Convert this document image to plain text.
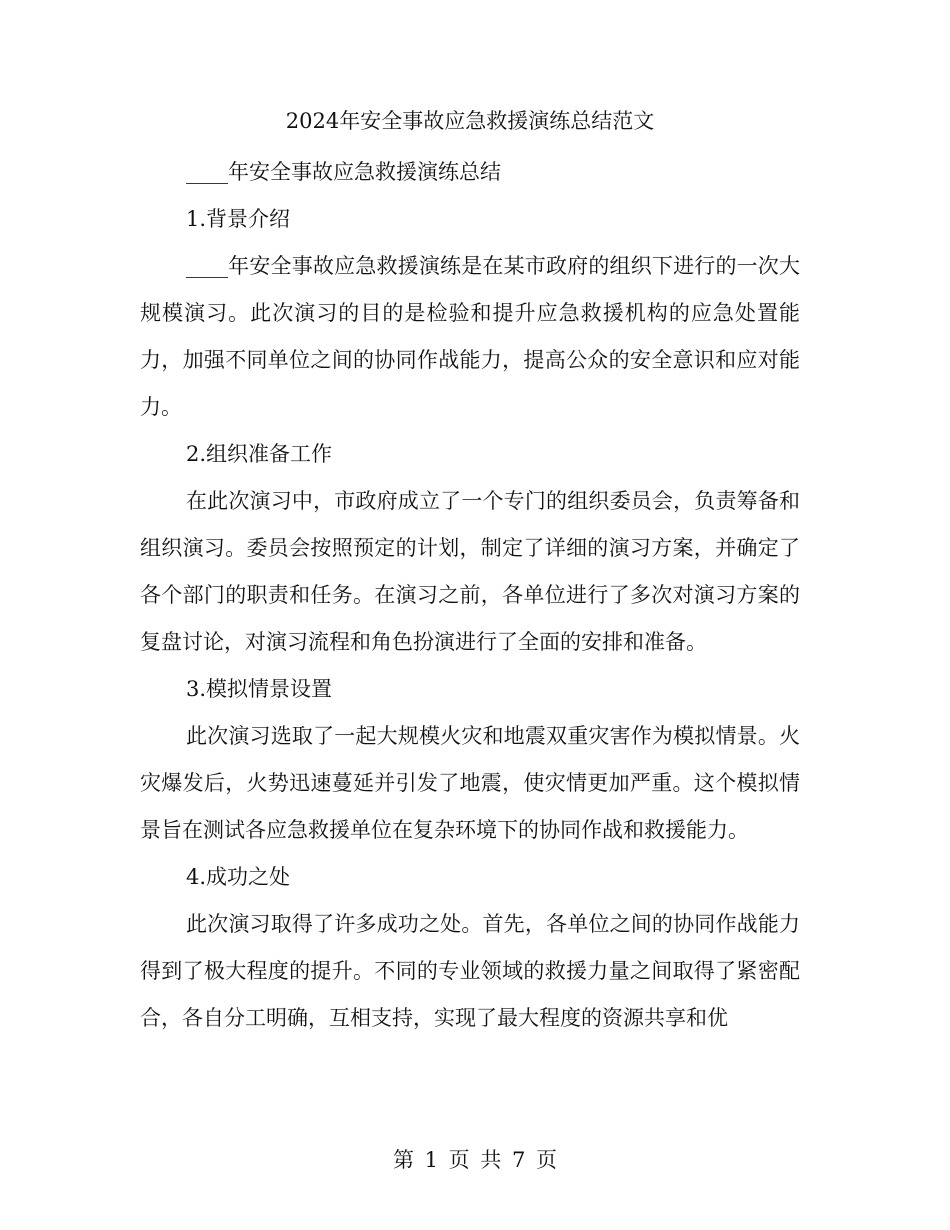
2024年安全事故应急救援演练总结范文
____年安全事故应急救援演练总结
1.背景介绍

____年安全事故应急救援演练是在某市政府的组织下进行的一次大规模演习。此次演习的目的是检验和提升应急救援机构的应急处置能力，加强不同单位之间的协同作战能力，提高公众的安全意识和应对能力。

2.组织准备工作

在此次演习中，市政府成立了一个专门的组织委员会，负责筹备和组织演习。委员会按照预定的计划，制定了详细的演习方案，并确定了各个部门的职责和任务。在演习之前，各单位进行了多次对演习方案的复盘讨论，对演习流程和角色扮演进行了全面的安排和准备。

3.模拟情景设置

此次演习选取了一起大规模火灾和地震双重灾害作为模拟情景。火灾爆发后，火势迅速蔓延并引发了地震，使灾情更加严重。这个模拟情景旨在测试各应急救援单位在复杂环境下的协同作战和救援能力。

4.成功之处

此次演习取得了许多成功之处。首先，各单位之间的协同作战能力得到了极大程度的提升。不同的专业领域的救援力量之间取得了紧密配合，各自分工明确，互相支持，实现了最大程度的资源共享和优

第 1 页 共 7 页
